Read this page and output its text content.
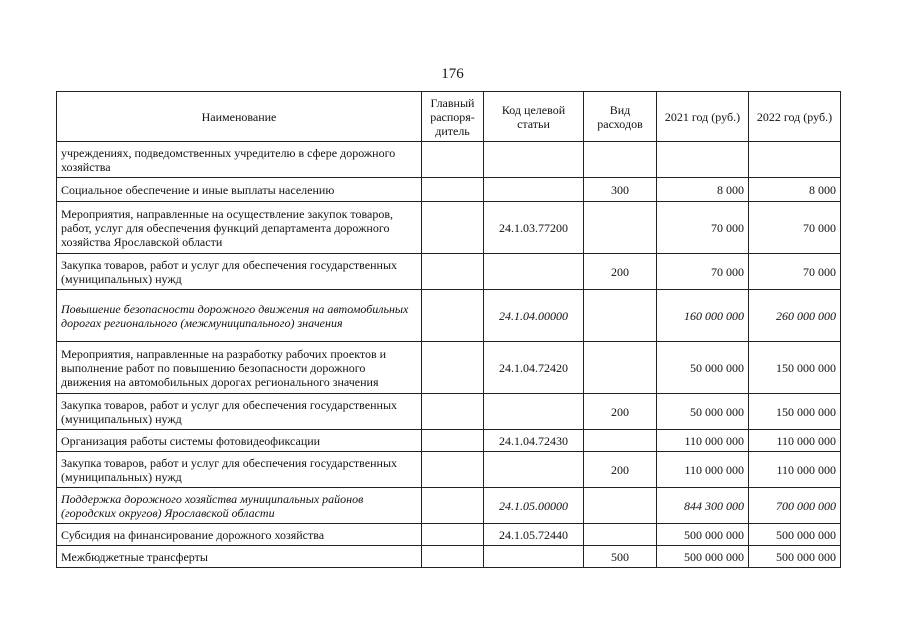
176
Наименование	Главный распоря-дитель	Код целевой статьи	Вид расходов	2021 год (руб.)	2022 год (руб.)
учреждениях, подведомственных учредителю в сфере дорожного хозяйства					
Социальное обеспечение и иные выплаты населению			300	8 000	8 000
Мероприятия, направленные на осуществление закупок товаров, работ, услуг для обеспечения функций департамента дорожного хозяйства Ярославской области		24.1.03.77200		70 000	70 000
Закупка товаров, работ и услуг для обеспечения государственных (муниципальных) нужд			200	70 000	70 000
Повышение безопасности дорожного движения на автомобильных дорогах регионального (межмуниципального) значения		24.1.04.00000		160 000 000	260 000 000
Мероприятия, направленные на разработку рабочих проектов и выполнение работ по повышению безопасности дорожного движения на автомобильных дорогах регионального значения		24.1.04.72420		50 000 000	150 000 000
Закупка товаров, работ и услуг для обеспечения государственных (муниципальных) нужд			200	50 000 000	150 000 000
Организация работы системы фотовидеофиксации		24.1.04.72430		110 000 000	110 000 000
Закупка товаров, работ и услуг для обеспечения государственных (муниципальных) нужд			200	110 000 000	110 000 000
Поддержка дорожного хозяйства муниципальных районов (городских округов) Ярославской области		24.1.05.00000		844 300 000	700 000 000
Субсидия на финансирование дорожного хозяйства		24.1.05.72440		500 000 000	500 000 000
Межбюджетные трансферты			500	500 000 000	500 000 000
